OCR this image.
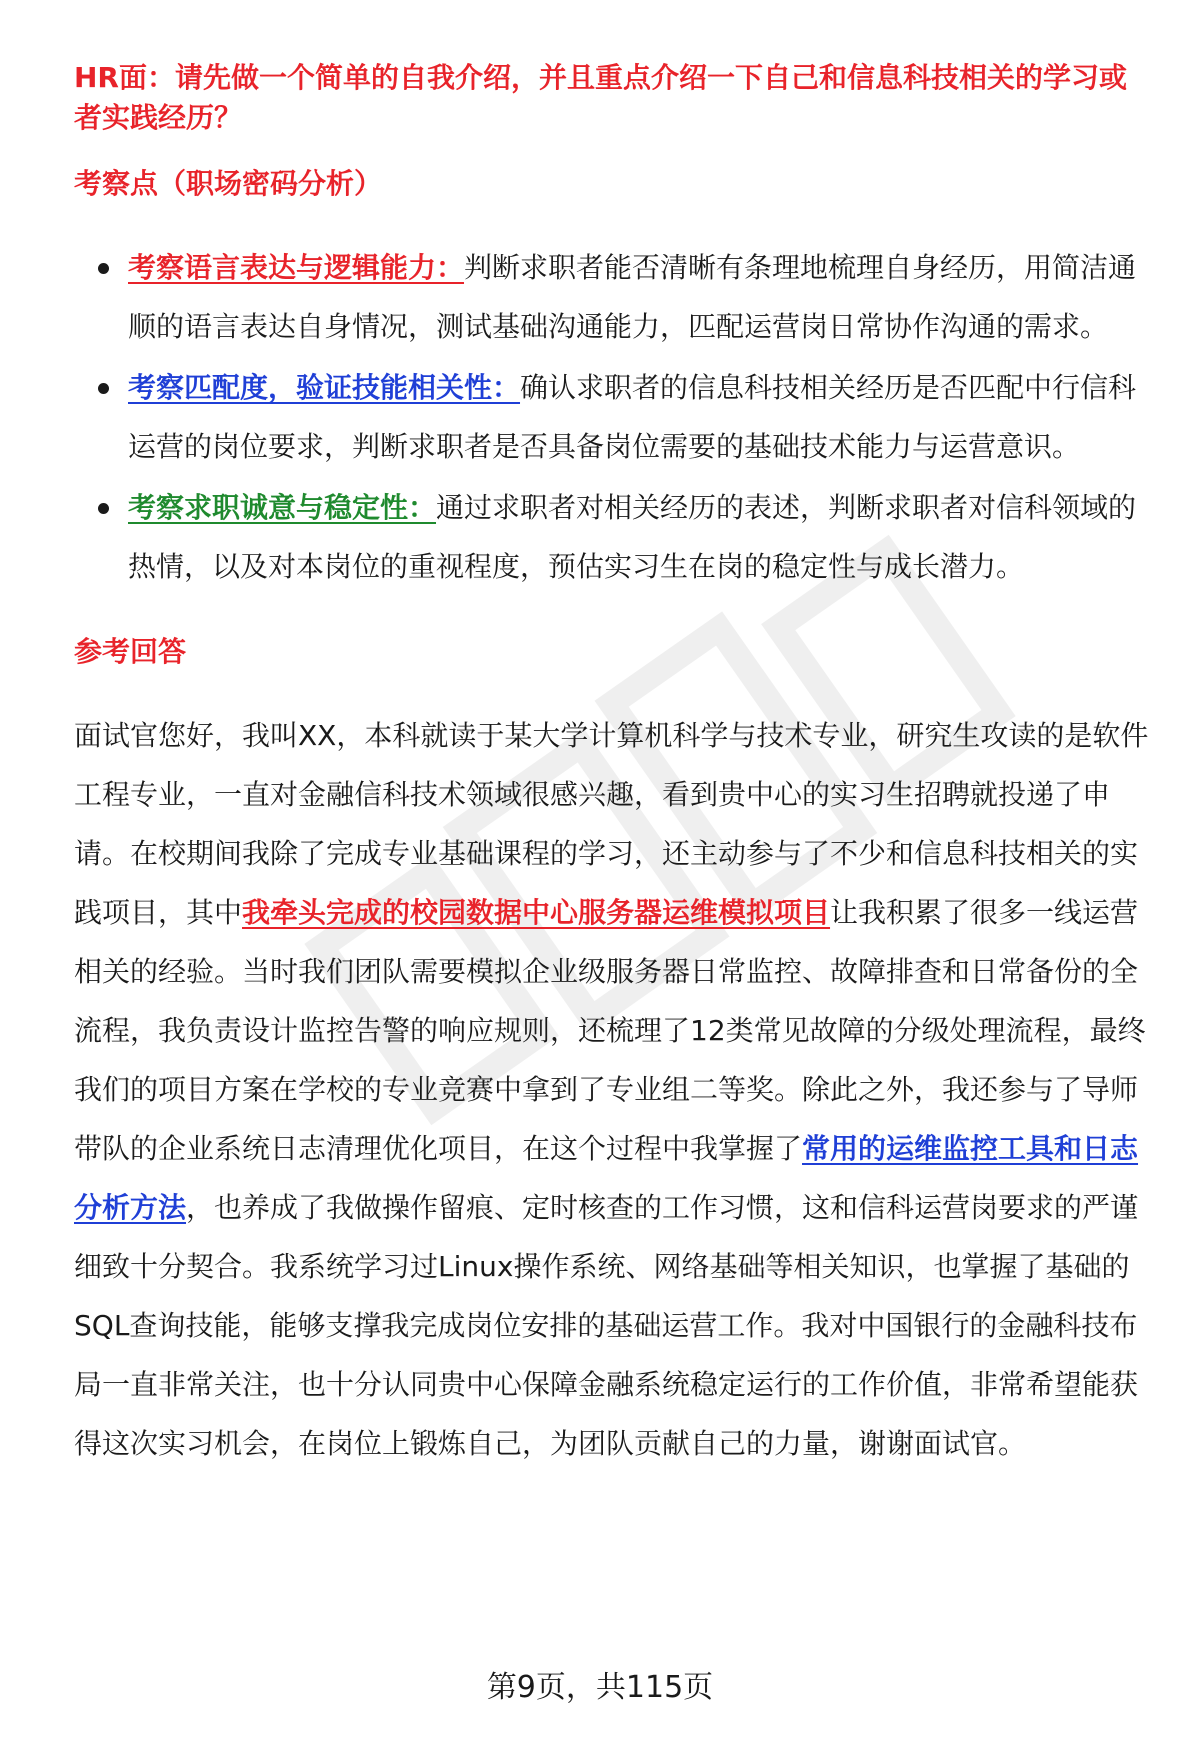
HR面：请先做一个简单的自我介绍，并且重点介绍一下自己和信息科技相关的学习或者实践经历？
考察点（职场密码分析）
考察语言表达与逻辑能力：判断求职者能否清晰有条理地梳理自身经历，用简洁通顺的语言表达自身情况，测试基础沟通能力，匹配运营岗日常协作沟通的需求。
考察匹配度，验证技能相关性：确认求职者的信息科技相关经历是否匹配中行信科运营的岗位要求，判断求职者是否具备岗位需要的基础技术能力与运营意识。
考察求职诚意与稳定性：通过求职者对相关经历的表述，判断求职者对信科领域的热情，以及对本岗位的重视程度，预估实习生在岗的稳定性与成长潜力。
参考回答

面试官您好，我叫XX，本科就读于某大学计算机科学与技术专业，研究生攻读的是软件工程专业，一直对金融信科技术领域很感兴趣，看到贵中心的实习生招聘就投递了申请。在校期间我除了完成专业基础课程的学习，还主动参与了不少和信息科技相关的实践项目，其中我牵头完成的校园数据中心服务器运维模拟项目让我积累了很多一线运营相关的经验。当时我们团队需要模拟企业级服务器日常监控、故障排查和日常备份的全流程，我负责设计监控告警的响应规则，还梳理了12类常见故障的分级处理流程，最终我们的项目方案在学校的专业竞赛中拿到了专业组二等奖。除此之外，我还参与了导师带队的企业系统日志清理优化项目，在这个过程中我掌握了常用的运维监控工具和日志分析方法，也养成了我做操作留痕、定时核查的工作习惯，这和信科运营岗要求的严谨细致十分契合。我系统学习过Linux操作系统、网络基础等相关知识，也掌握了基础的SQL查询技能，能够支撑我完成岗位安排的基础运营工作。我对中国银行的金融科技布局一直非常关注，也十分认同贵中心保障金融系统稳定运行的工作价值，非常希望能获得这次实习机会，在岗位上锻炼自己，为团队贡献自己的力量，谢谢面试官。

第9页，共115页
